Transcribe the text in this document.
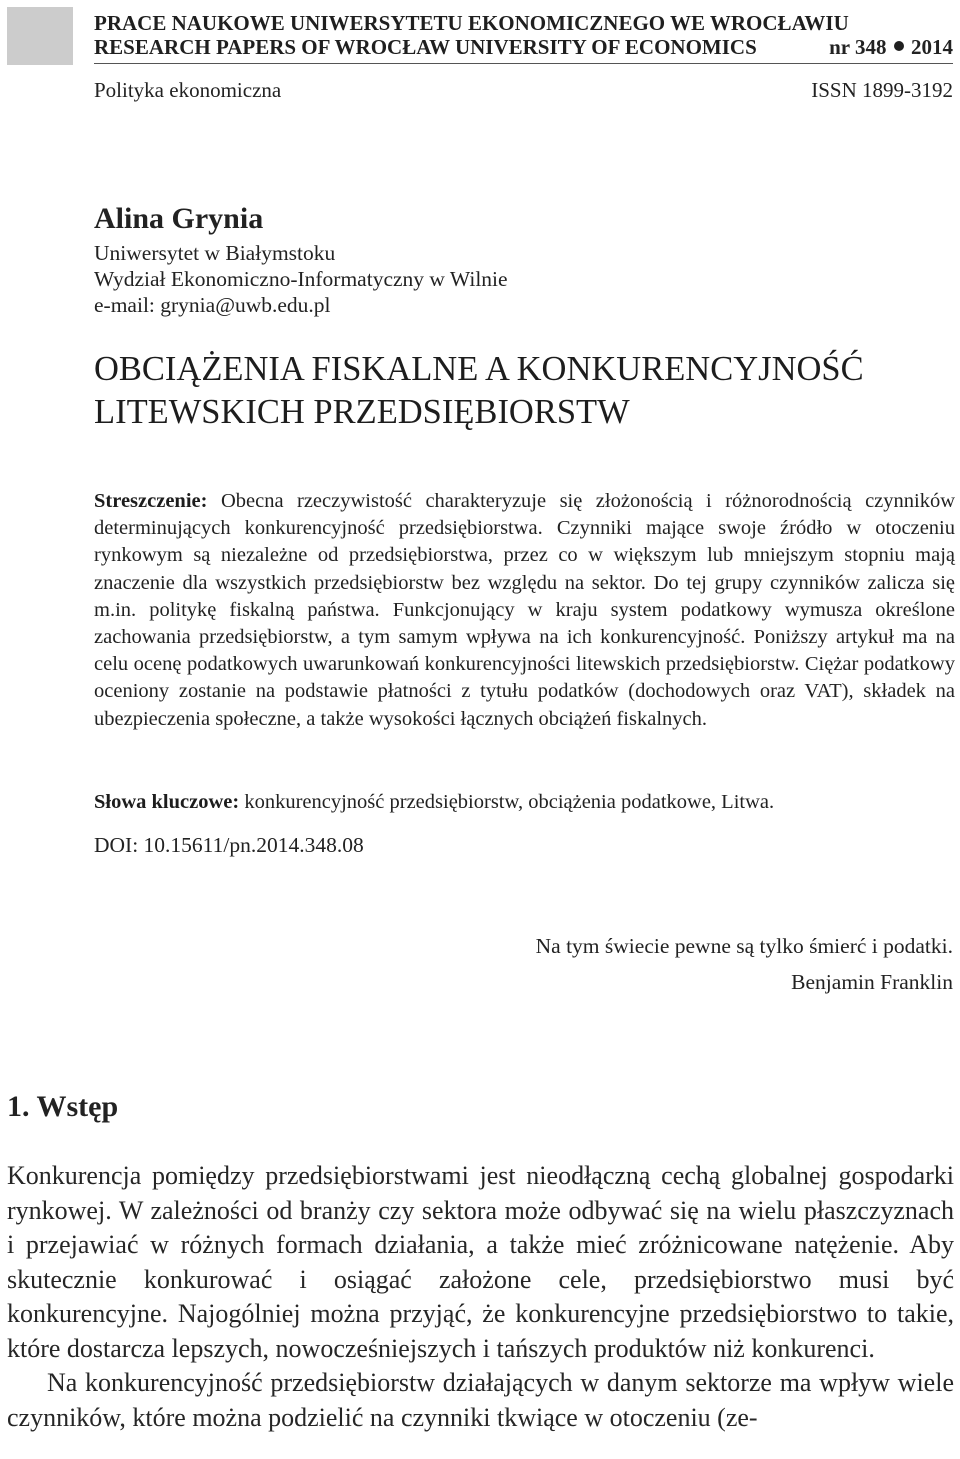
PRACE NAUKOWE UNIWERSYTETU EKONOMICZNEGO WE WROCŁAWIU
RESEARCH PAPERS OF WROCŁAW UNIVERSITY OF ECONOMICS	nr 348 2014
Polityka ekonomiczna	ISSN 1899-3192
Alina Grynia
Uniwersytet w Białymstoku
Wydział Ekonomiczno-Informatyczny w Wilnie
e-mail: grynia@uwb.edu.pl
OBCIĄŻENIA FISKALNE A KONKURENCYJNOŚĆ
LITEWSKICH PRZEDSIĘBIORSTW
Streszczenie: Obecna rzeczywistość charakteryzuje się złożonością i różnorodnością czynników determinujących konkurencyjność przedsiębiorstwa. Czynniki mające swoje źródło w otoczeniu rynkowym są niezależne od przedsiębiorstwa, przez co w większym lub mniejszym stopniu mają znaczenie dla wszystkich przedsiębiorstw bez względu na sektor. Do tej grupy czynników zalicza się m.in. politykę fiskalną państwa. Funkcjonujący w kraju system podatkowy wymusza określone zachowania przedsiębiorstw, a tym samym wpływa na ich konkurencyjność. Poniższy artykuł ma na celu ocenę podatkowych uwarunkowań konkurencyjności litewskich przedsiębiorstw. Ciężar podatkowy oceniony zostanie na podstawie płatności z tytułu podatków (dochodowych oraz VAT), składek na ubezpieczenia społeczne, a także wysokości łącznych obciążeń fiskalnych.
Słowa kluczowe: konkurencyjność przedsiębiorstw, obciążenia podatkowe, Litwa.
DOI: 10.15611/pn.2014.348.08
Na tym świecie pewne są tylko śmierć i podatki.
Benjamin Franklin
1. Wstęp

Konkurencja pomiędzy przedsiębiorstwami jest nieodłączną cechą globalnej gospodarki rynkowej. W zależności od branży czy sektora może odbywać się na wielu płaszczyznach i przejawiać w różnych formach działania, a także mieć zróżnicowane natężenie. Aby skutecznie konkurować i osiągać założone cele, przedsiębiorstwo musi być konkurencyjne. Najogólniej można przyjąć, że konkurencyjne przedsiębiorstwo to takie, które dostarcza lepszych, nowocześniejszych i tańszych produktów niż konkurenci.

Na konkurencyjność przedsiębiorstw działających w danym sektorze ma wpływ wiele czynników, które można podzielić na czynniki tkwiące w otoczeniu (ze-
